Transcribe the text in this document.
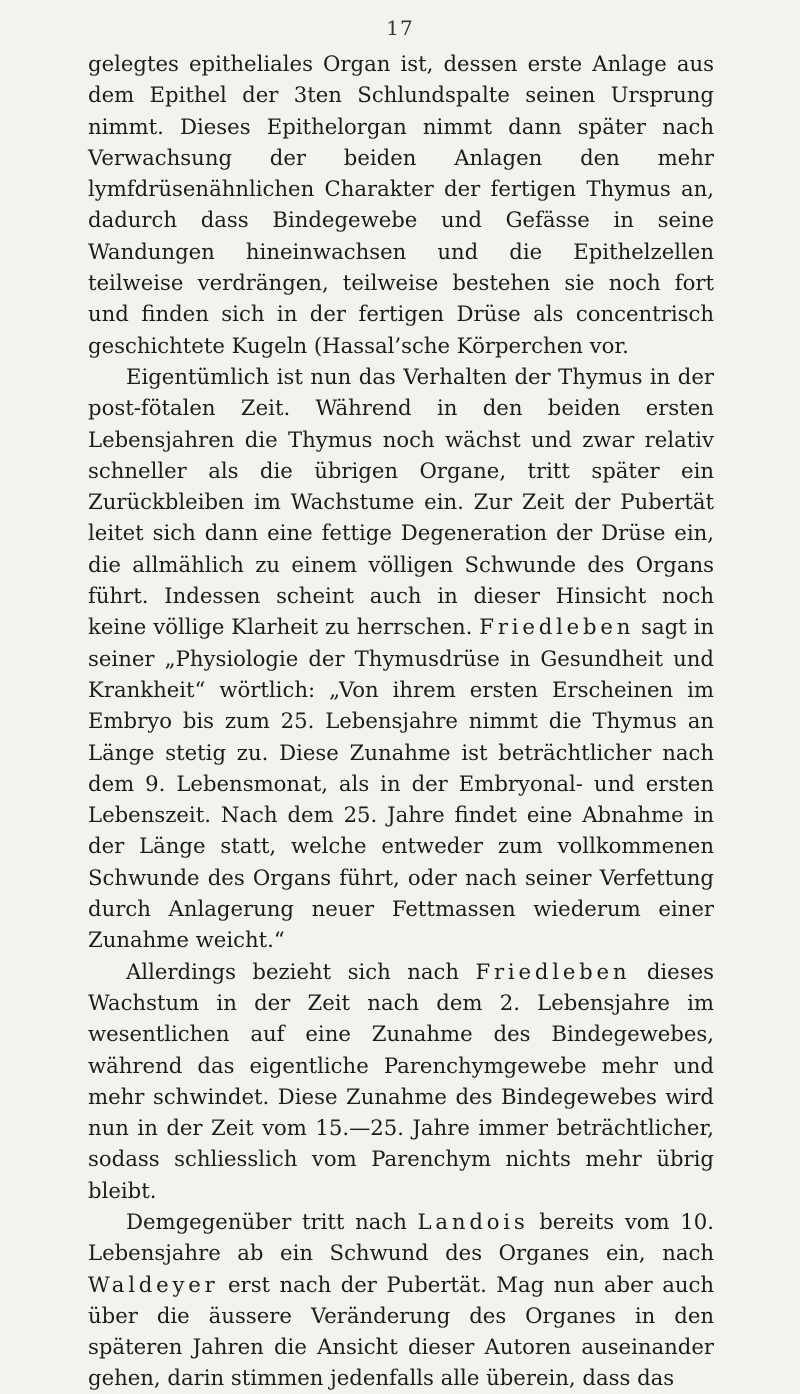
17

gelegtes epitheliales Organ ist, dessen erste Anlage aus dem Epithel der 3ten Schlundspalte seinen Ursprung nimmt. Dieses Epithelorgan nimmt dann später nach Verwachsung der beiden Anlagen den mehr lymfdrüsenähnlichen Charakter der fertigen Thymus an, dadurch dass Bindegewebe und Gefässe in seine Wandungen hineinwachsen und die Epithelzellen teilweise verdrängen, teilweise bestehen sie noch fort und finden sich in der fertigen Drüse als concentrisch geschichtete Kugeln (Hassal’sche Körperchen vor.

Eigentümlich ist nun das Verhalten der Thymus in der post-fötalen Zeit. Während in den beiden ersten Lebensjahren die Thymus noch wächst und zwar relativ schneller als die übrigen Organe, tritt später ein Zurückbleiben im Wachstume ein. Zur Zeit der Pubertät leitet sich dann eine fettige Degeneration der Drüse ein, die allmählich zu einem völligen Schwunde des Organs führt. Indessen scheint auch in dieser Hinsicht noch keine völlige Klarheit zu herrschen. Friedleben sagt in seiner „Physiologie der Thymusdrüse in Gesundheit und Krankheit“ wörtlich: „Von ihrem ersten Erscheinen im Embryo bis zum 25. Lebensjahre nimmt die Thymus an Länge stetig zu. Diese Zunahme ist beträchtlicher nach dem 9. Lebensmonat, als in der Embryonal- und ersten Lebenszeit. Nach dem 25. Jahre findet eine Abnahme in der Länge statt, welche entweder zum vollkommenen Schwunde des Organs führt, oder nach seiner Verfettung durch Anlagerung neuer Fettmassen wiederum einer Zunahme weicht.“

Allerdings bezieht sich nach Friedleben dieses Wachstum in der Zeit nach dem 2. Lebensjahre im wesentlichen auf eine Zunahme des Bindegewebes, während das eigentliche Parenchymgewebe mehr und mehr schwindet. Diese Zunahme des Bindegewebes wird nun in der Zeit vom 15.—25. Jahre immer beträchtlicher, sodass schliesslich vom Parenchym nichts mehr übrig bleibt.

Demgegenüber tritt nach Landois bereits vom 10. Lebensjahre ab ein Schwund des Organes ein, nach Waldeyer erst nach der Pubertät. Mag nun aber auch über die äussere Veränderung des Organes in den späteren Jahren die Ansicht dieser Autoren auseinander gehen, darin stimmen jedenfalls alle überein, dass das
